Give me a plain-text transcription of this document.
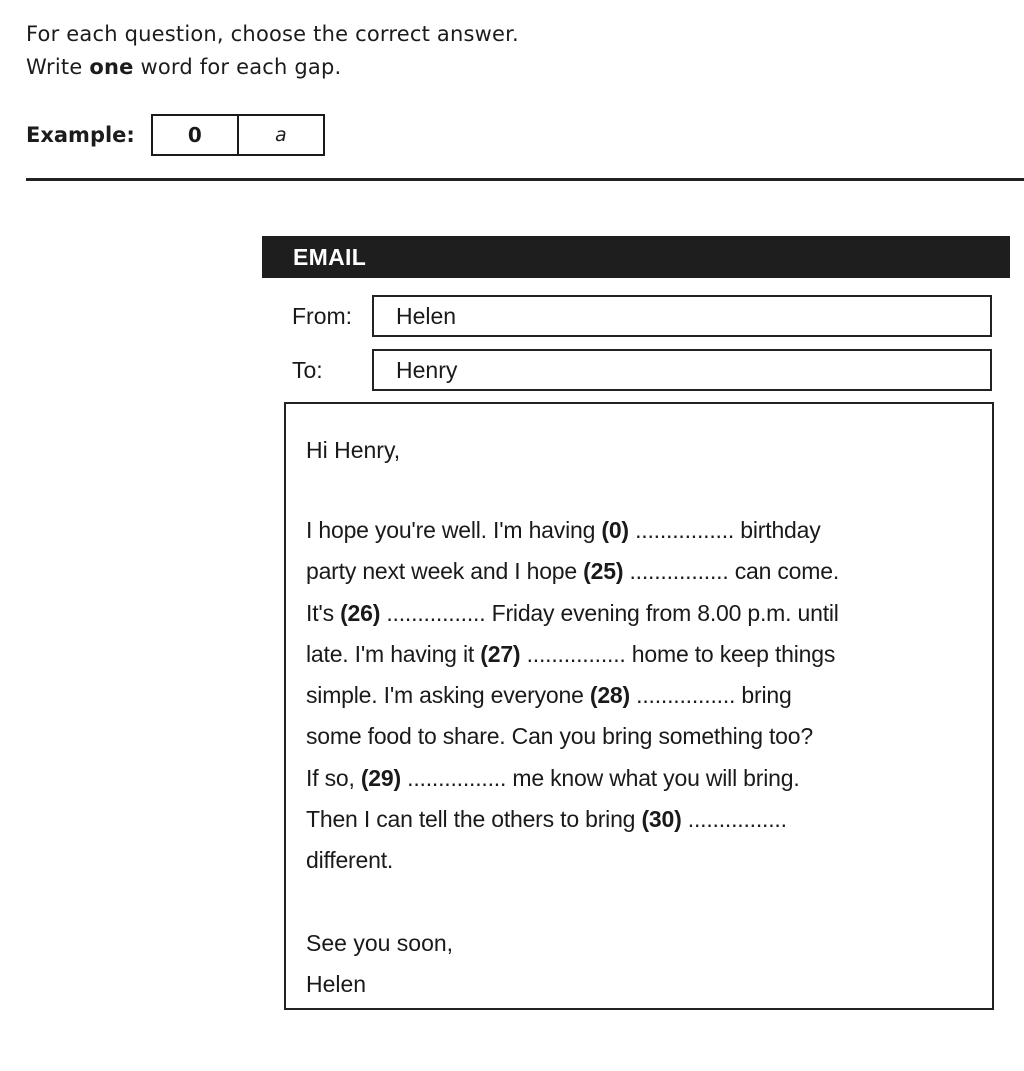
For each question, choose the correct answer.
Write one word for each gap.
Example:	0	a
EMAIL
From:	Helen
To:	Henry
Hi Henry,
I hope you're well. I'm having (0) ................ birthday
party next week and I hope (25) ................ can come.
It's (26) ................ Friday evening from 8.00 p.m. until
late. I'm having it (27) ................ home to keep things
simple. I'm asking everyone (28) ................ bring
some food to share. Can you bring something too?
If so, (29) ................ me know what you will bring.
Then I can tell the others to bring (30) ................
different.
See you soon,
Helen
